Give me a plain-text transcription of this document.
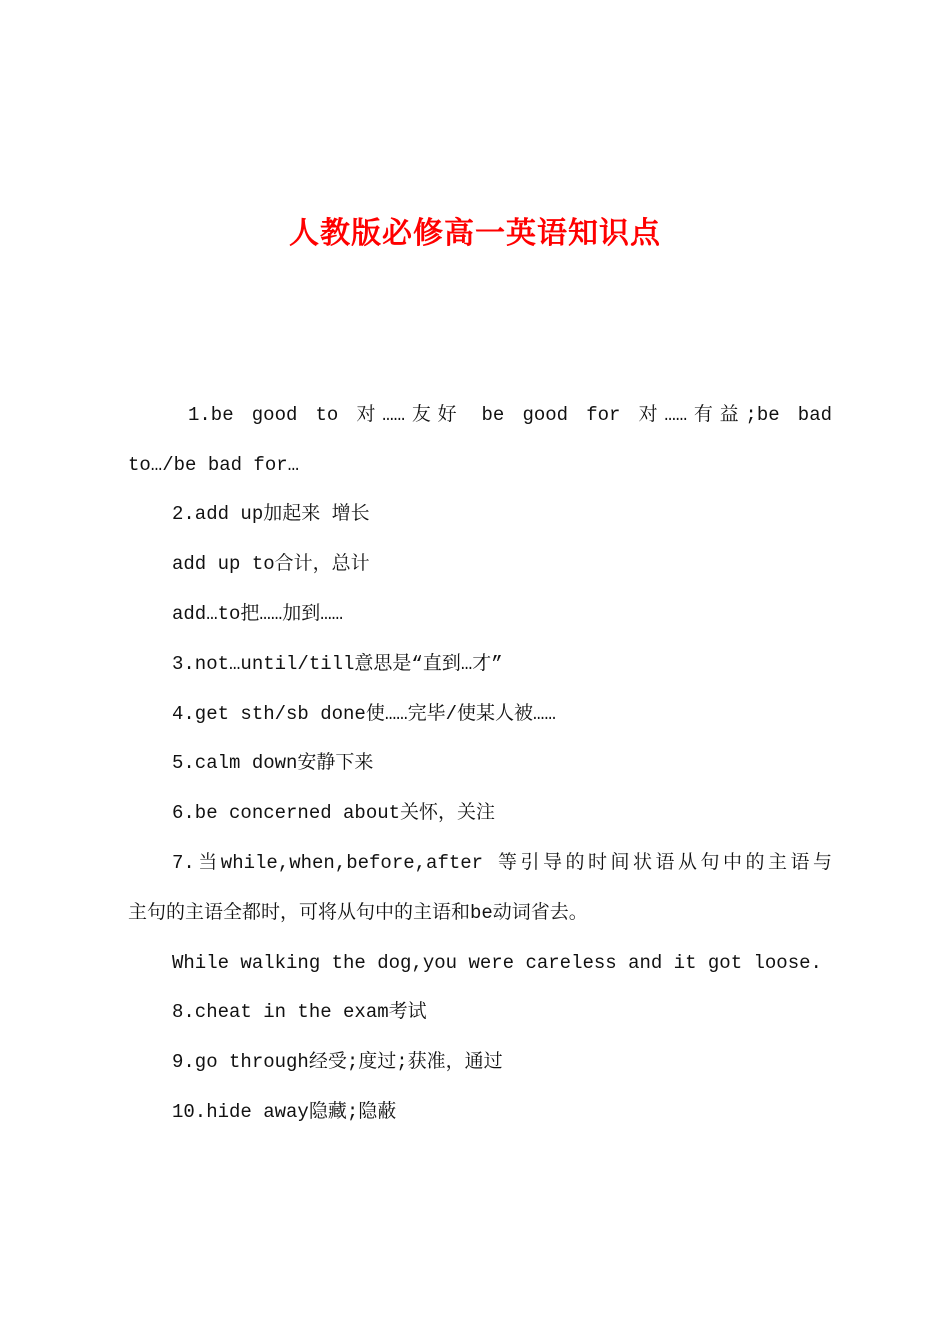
人教版必修高一英语知识点

1.be good to 对……友好 be good for 对……有益;be bad

to…/be bad for…

2.add up加起来 增长

add up to合计，总计

add…to把……加到……

3.not…until/till意思是“直到…才”

4.get sth/sb done使……完毕/使某人被……

5.calm down安静下来

6.be concerned about关怀，关注

7.当while,when,before,after 等引导的时间状语从句中的主语与

主句的主语全都时，可将从句中的主语和be动词省去。

While walking the dog,you were careless and it got loose.

8.cheat in the exam考试

9.go through经受;度过;获准，通过

10.hide away隐藏;隐蔽
